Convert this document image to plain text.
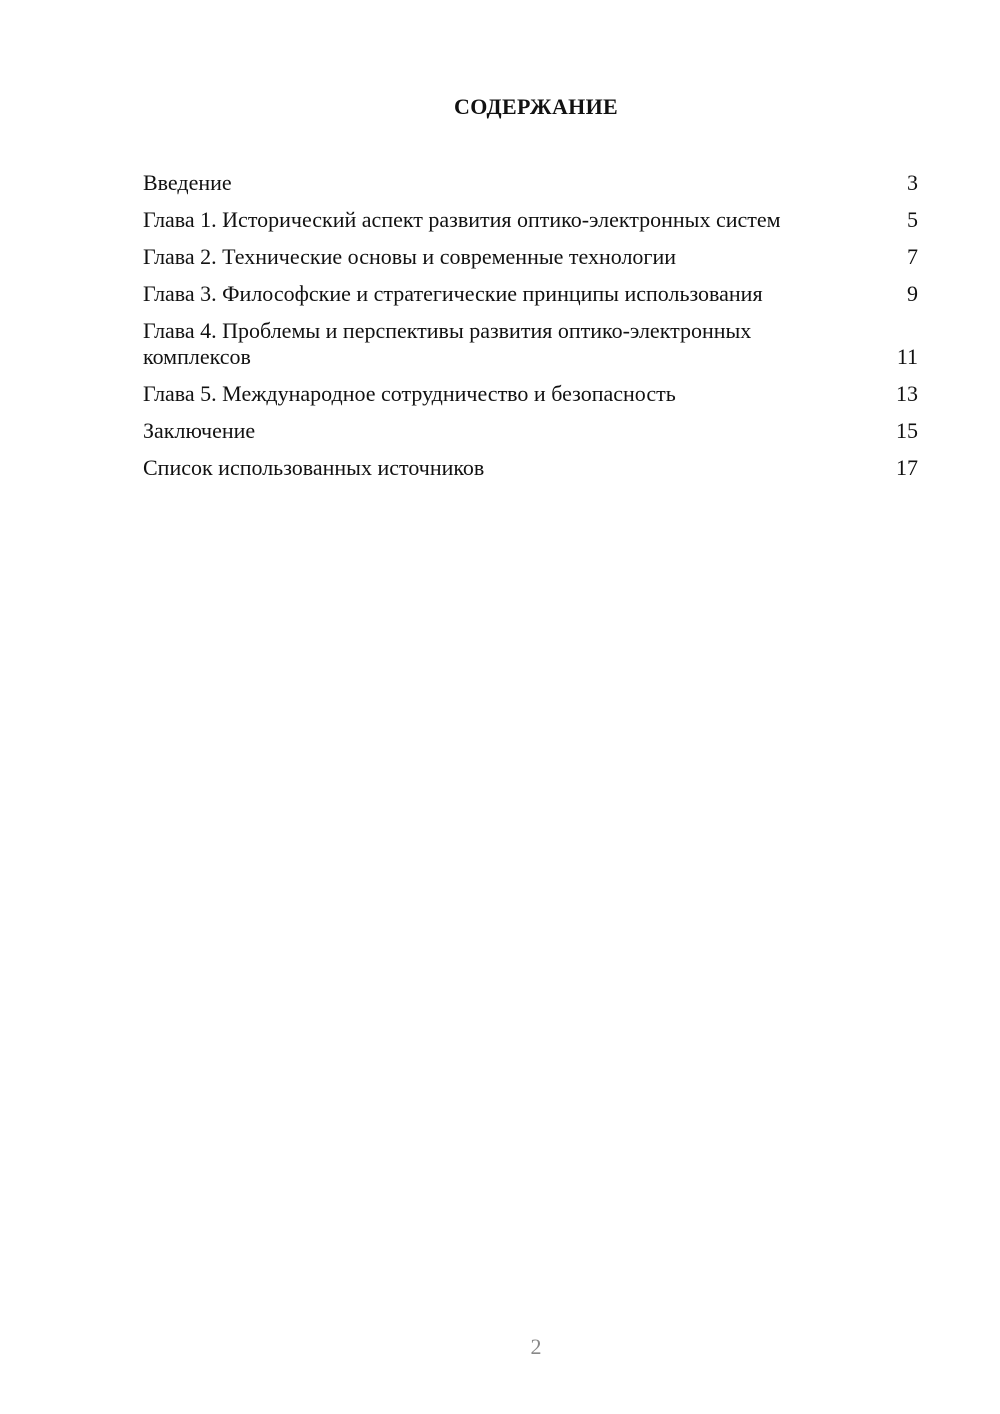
СОДЕРЖАНИЕ
Введение	3
Глава 1. Исторический аспект развития оптико-электронных систем	5
Глава 2. Технические основы и современные технологии	7
Глава 3. Философские и стратегические принципы использования	9
Глава 4. Проблемы и перспективы развития оптико-электронных комплексов	11
Глава 5. Международное сотрудничество и безопасность	13
Заключение	15
Список использованных источников	17
2
